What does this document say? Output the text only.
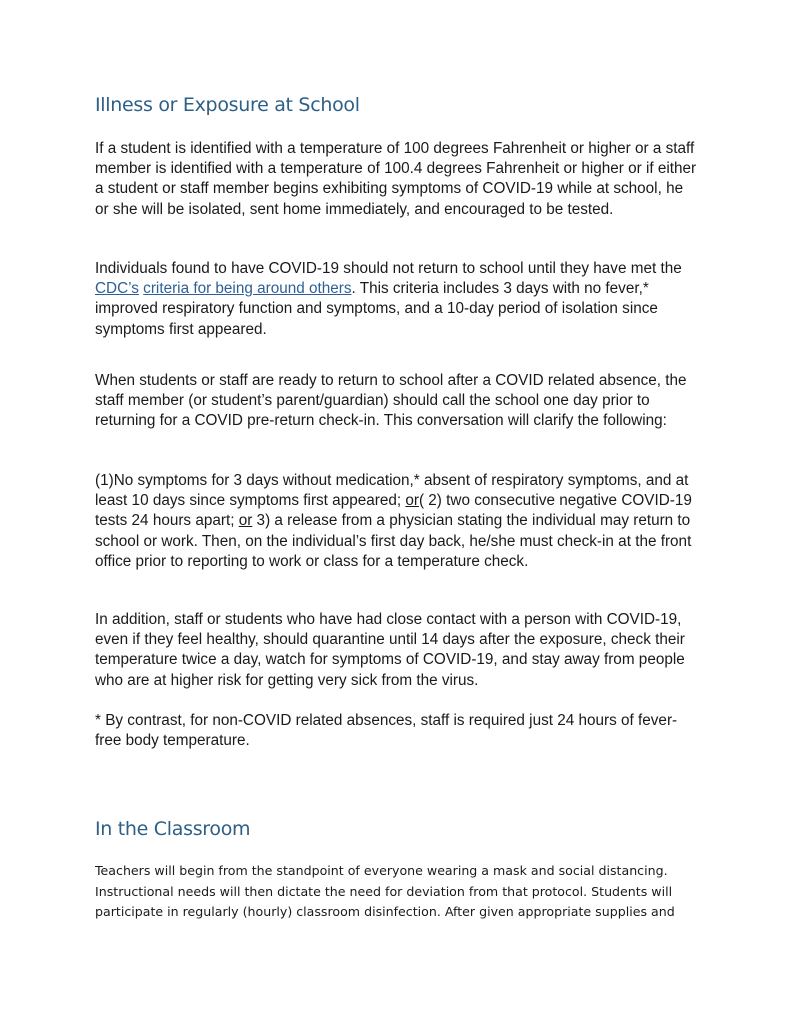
Illness or Exposure at School

If a student is identified with a temperature of 100 degrees Fahrenheit or higher or a staff member is identified with a temperature of 100.4 degrees Fahrenheit or higher or if either a student or staff member begins exhibiting symptoms of COVID-19 while at school, he or she will be isolated, sent home immediately, and encouraged to be tested.

Individuals found to have COVID-19 should not return to school until they have met the CDC’s criteria for being around others. This criteria includes 3 days with no fever,* improved respiratory function and symptoms, and a 10-day period of isolation since symptoms first appeared.

When students or staff are ready to return to school after a COVID related absence, the staff member (or student’s parent/guardian) should call the school one day prior to returning for a COVID pre-return check-in. This conversation will clarify the following:

(1)No symptoms for 3 days without medication,* absent of respiratory symptoms, and at least 10 days since symptoms first appeared; or( 2) two consecutive negative COVID-19 tests 24 hours apart; or 3) a release from a physician stating the individual may return to school or work. Then, on the individual’s first day back, he/she must check-in at the front office prior to reporting to work or class for a temperature check.

In addition, staff or students who have had close contact with a person with COVID-19, even if they feel healthy, should quarantine until 14 days after the exposure, check their temperature twice a day, watch for symptoms of COVID-19, and stay away from people who are at higher risk for getting very sick from the virus.

* By contrast, for non-COVID related absences, staff is required just 24 hours of fever-free body temperature.

In the Classroom

Teachers will begin from the standpoint of everyone wearing a mask and social distancing. Instructional needs will then dictate the need for deviation from that protocol. Students will participate in regularly (hourly) classroom disinfection. After given appropriate supplies and
